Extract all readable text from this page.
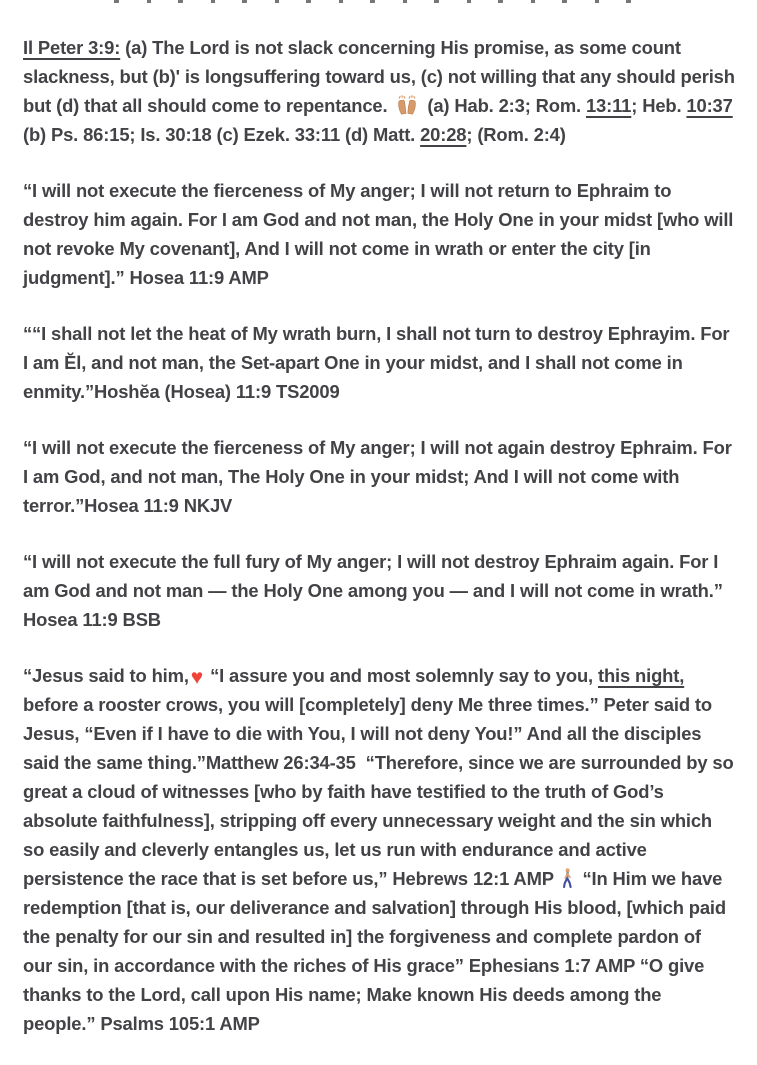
Il Peter 3:9: (a) The Lord is not slack concerning His promise, as some count slackness, but (b)' is longsuffering toward us, (c) not willing that any should perish but (d) that all should come to repentance.  (a) Hab. 2:3; Rom. 13:11; Heb. 10:37 (b) Ps. 86:15; Is. 30:18 (c) Ezek. 33:11 (d) Matt. 20:28; (Rom. 2:4)

“I will not execute the fierceness of My anger; I will not return to Ephraim to destroy him again. For I am God and not man, the Holy One in your midst [who will not revoke My covenant], And I will not come in wrath or enter the city [in judgment].” Hosea 11:9 AMP

““I shall not let the heat of My wrath burn, I shall not turn to destroy Ephrayim. For I am Ĕl, and not man, the Set-apart One in your midst, and I shall not come in enmity.”Hoshĕa (Hosea) 11:9 TS2009

“I will not execute the fierceness of My anger; I will not again destroy Ephraim. For I am God, and not man, The Holy One in your midst; And I will not come with terror.”Hosea 11:9 NKJV

“I will not execute the full fury of My anger; I will not destroy Ephraim again. For I am God and not man — the Holy One among you — and I will not come in wrath.” Hosea 11:9 BSB

“Jesus said to him,♥ “I assure you and most solemnly say to you, this night, before a rooster crows, you will [completely] deny Me three times.” Peter said to Jesus, “Even if I have to die with You, I will not deny You!” And all the disciples said the same thing.”Matthew 26:34-35  “Therefore, since we are surrounded by so great a cloud of witnesses [who by faith have testified to the truth of God’s absolute faithfulness], stripping off every unnecessary weight and the sin which so easily and cleverly entangles us, let us run with endurance and active persistence the race that is set before us,” Hebrews 12:1 AMP  “In Him we have redemption [that is, our deliverance and salvation] through His blood, [which paid the penalty for our sin and resulted in] the forgiveness and complete pardon of our sin, in accordance with the riches of His grace” Ephesians 1:7 AMP “O give thanks to the Lord, call upon His name; Make known His deeds among the people.” Psalms 105:1 AMP
